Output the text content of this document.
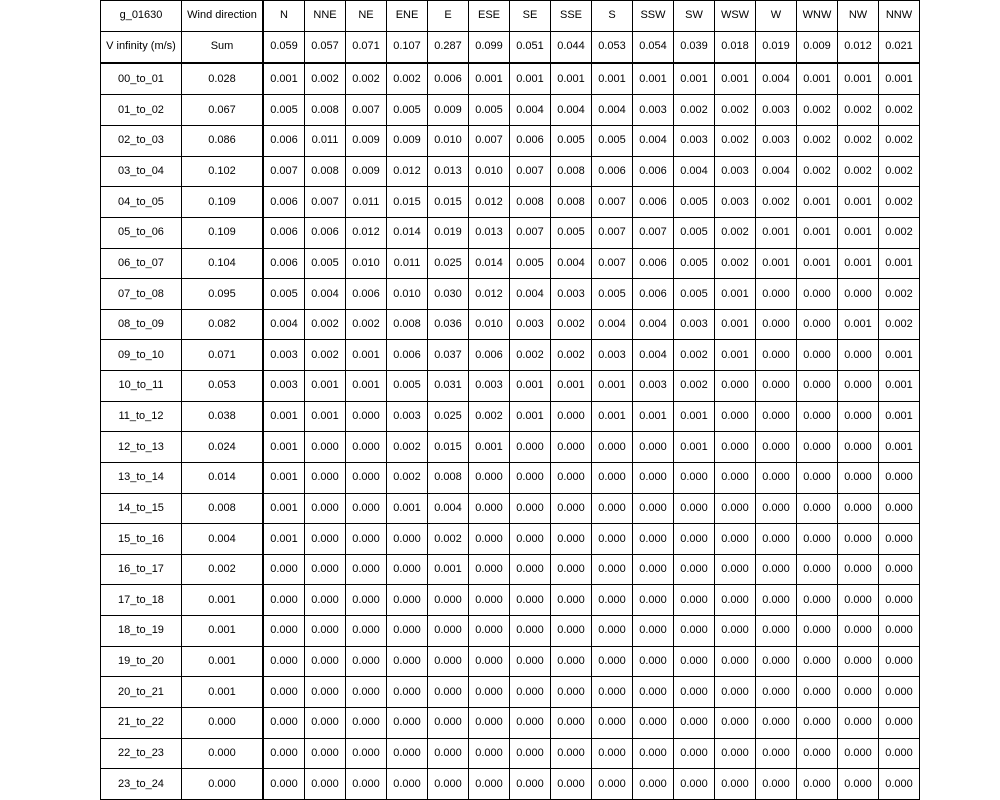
g_01630	Wind direction	N	NNE	NE	ENE	E	ESE	SE	SSE	S	SSW	SW	WSW	W	WNW	NW	NNW
V infinity (m/s)	Sum	0.059	0.057	0.071	0.107	0.287	0.099	0.051	0.044	0.053	0.054	0.039	0.018	0.019	0.009	0.012	0.021
00_to_01	0.028	0.001	0.002	0.002	0.002	0.006	0.001	0.001	0.001	0.001	0.001	0.001	0.001	0.004	0.001	0.001	0.001
01_to_02	0.067	0.005	0.008	0.007	0.005	0.009	0.005	0.004	0.004	0.004	0.003	0.002	0.002	0.003	0.002	0.002	0.002
02_to_03	0.086	0.006	0.011	0.009	0.009	0.010	0.007	0.006	0.005	0.005	0.004	0.003	0.002	0.003	0.002	0.002	0.002
03_to_04	0.102	0.007	0.008	0.009	0.012	0.013	0.010	0.007	0.008	0.006	0.006	0.004	0.003	0.004	0.002	0.002	0.002
04_to_05	0.109	0.006	0.007	0.011	0.015	0.015	0.012	0.008	0.008	0.007	0.006	0.005	0.003	0.002	0.001	0.001	0.002
05_to_06	0.109	0.006	0.006	0.012	0.014	0.019	0.013	0.007	0.005	0.007	0.007	0.005	0.002	0.001	0.001	0.001	0.002
06_to_07	0.104	0.006	0.005	0.010	0.011	0.025	0.014	0.005	0.004	0.007	0.006	0.005	0.002	0.001	0.001	0.001	0.001
07_to_08	0.095	0.005	0.004	0.006	0.010	0.030	0.012	0.004	0.003	0.005	0.006	0.005	0.001	0.000	0.000	0.000	0.002
08_to_09	0.082	0.004	0.002	0.002	0.008	0.036	0.010	0.003	0.002	0.004	0.004	0.003	0.001	0.000	0.000	0.001	0.002
09_to_10	0.071	0.003	0.002	0.001	0.006	0.037	0.006	0.002	0.002	0.003	0.004	0.002	0.001	0.000	0.000	0.000	0.001
10_to_11	0.053	0.003	0.001	0.001	0.005	0.031	0.003	0.001	0.001	0.001	0.003	0.002	0.000	0.000	0.000	0.000	0.001
11_to_12	0.038	0.001	0.001	0.000	0.003	0.025	0.002	0.001	0.000	0.001	0.001	0.001	0.000	0.000	0.000	0.000	0.001
12_to_13	0.024	0.001	0.000	0.000	0.002	0.015	0.001	0.000	0.000	0.000	0.000	0.001	0.000	0.000	0.000	0.000	0.001
13_to_14	0.014	0.001	0.000	0.000	0.002	0.008	0.000	0.000	0.000	0.000	0.000	0.000	0.000	0.000	0.000	0.000	0.000
14_to_15	0.008	0.001	0.000	0.000	0.001	0.004	0.000	0.000	0.000	0.000	0.000	0.000	0.000	0.000	0.000	0.000	0.000
15_to_16	0.004	0.001	0.000	0.000	0.000	0.002	0.000	0.000	0.000	0.000	0.000	0.000	0.000	0.000	0.000	0.000	0.000
16_to_17	0.002	0.000	0.000	0.000	0.000	0.001	0.000	0.000	0.000	0.000	0.000	0.000	0.000	0.000	0.000	0.000	0.000
17_to_18	0.001	0.000	0.000	0.000	0.000	0.000	0.000	0.000	0.000	0.000	0.000	0.000	0.000	0.000	0.000	0.000	0.000
18_to_19	0.001	0.000	0.000	0.000	0.000	0.000	0.000	0.000	0.000	0.000	0.000	0.000	0.000	0.000	0.000	0.000	0.000
19_to_20	0.001	0.000	0.000	0.000	0.000	0.000	0.000	0.000	0.000	0.000	0.000	0.000	0.000	0.000	0.000	0.000	0.000
20_to_21	0.001	0.000	0.000	0.000	0.000	0.000	0.000	0.000	0.000	0.000	0.000	0.000	0.000	0.000	0.000	0.000	0.000
21_to_22	0.000	0.000	0.000	0.000	0.000	0.000	0.000	0.000	0.000	0.000	0.000	0.000	0.000	0.000	0.000	0.000	0.000
22_to_23	0.000	0.000	0.000	0.000	0.000	0.000	0.000	0.000	0.000	0.000	0.000	0.000	0.000	0.000	0.000	0.000	0.000
23_to_24	0.000	0.000	0.000	0.000	0.000	0.000	0.000	0.000	0.000	0.000	0.000	0.000	0.000	0.000	0.000	0.000	0.000
